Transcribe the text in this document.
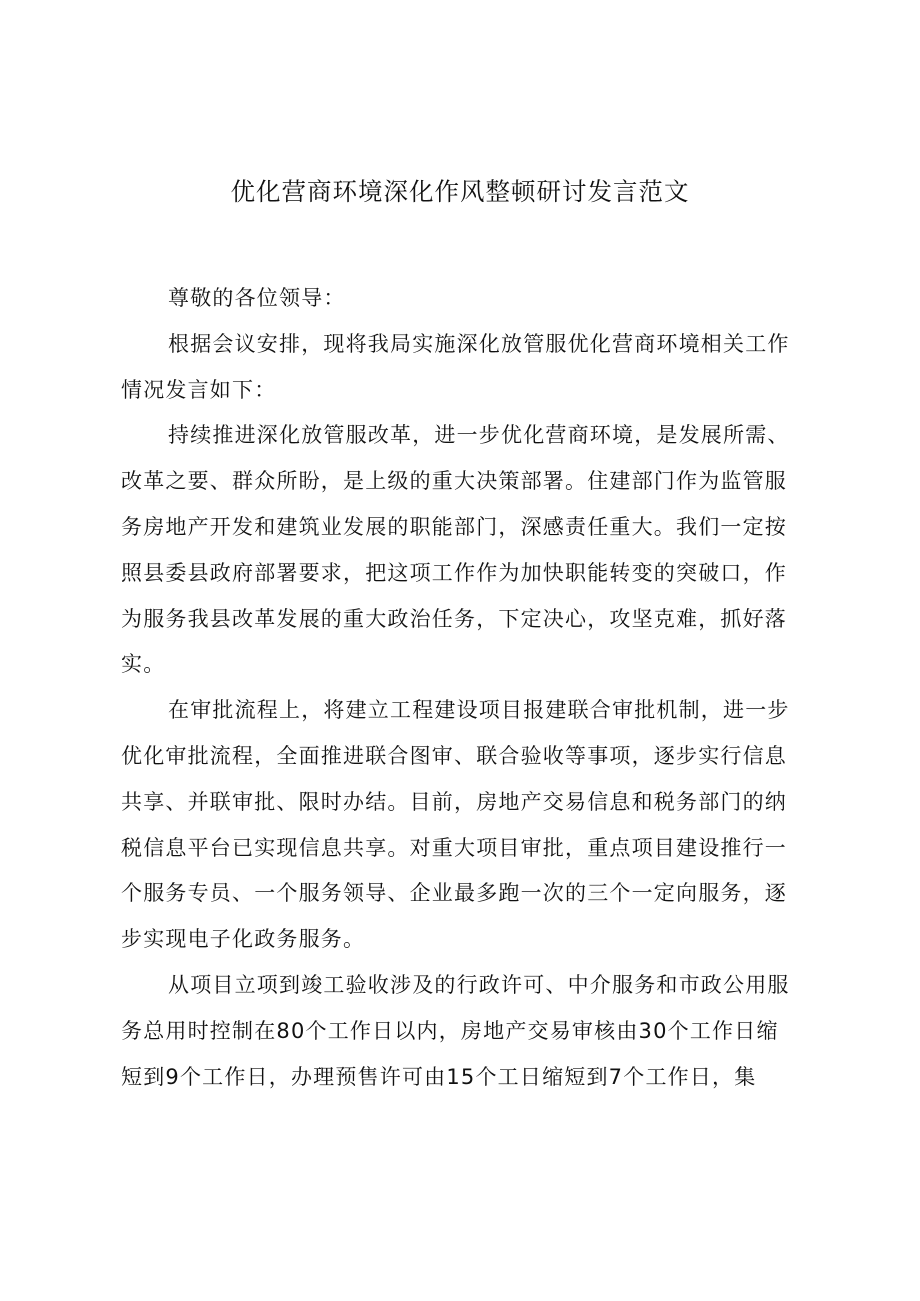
优化营商环境深化作风整顿研讨发言范文

尊敬的各位领导：

根据会议安排，现将我局实施深化放管服优化营商环境相关工作
情况发言如下：

持续推进深化放管服改革，进一步优化营商环境，是发展所需、
改革之要、群众所盼，是上级的重大决策部署。住建部门作为监管服
务房地产开发和建筑业发展的职能部门，深感责任重大。我们一定按
照县委县政府部署要求，把这项工作作为加快职能转变的突破口，作
为服务我县改革发展的重大政治任务，下定决心，攻坚克难，抓好落
实。

在审批流程上，将建立工程建设项目报建联合审批机制，进一步
优化审批流程，全面推进联合图审、联合验收等事项，逐步实行信息
共享、并联审批、限时办结。目前，房地产交易信息和税务部门的纳
税信息平台已实现信息共享。对重大项目审批，重点项目建设推行一
个服务专员、一个服务领导、企业最多跑一次的三个一定向服务，逐
步实现电子化政务服务。

从项目立项到竣工验收涉及的行政许可、中介服务和市政公用服
务总用时控制在80个工作日以内，房地产交易审核由30个工作日缩
短到9个工作日，办理预售许可由15个工日缩短到7个工作日，集
